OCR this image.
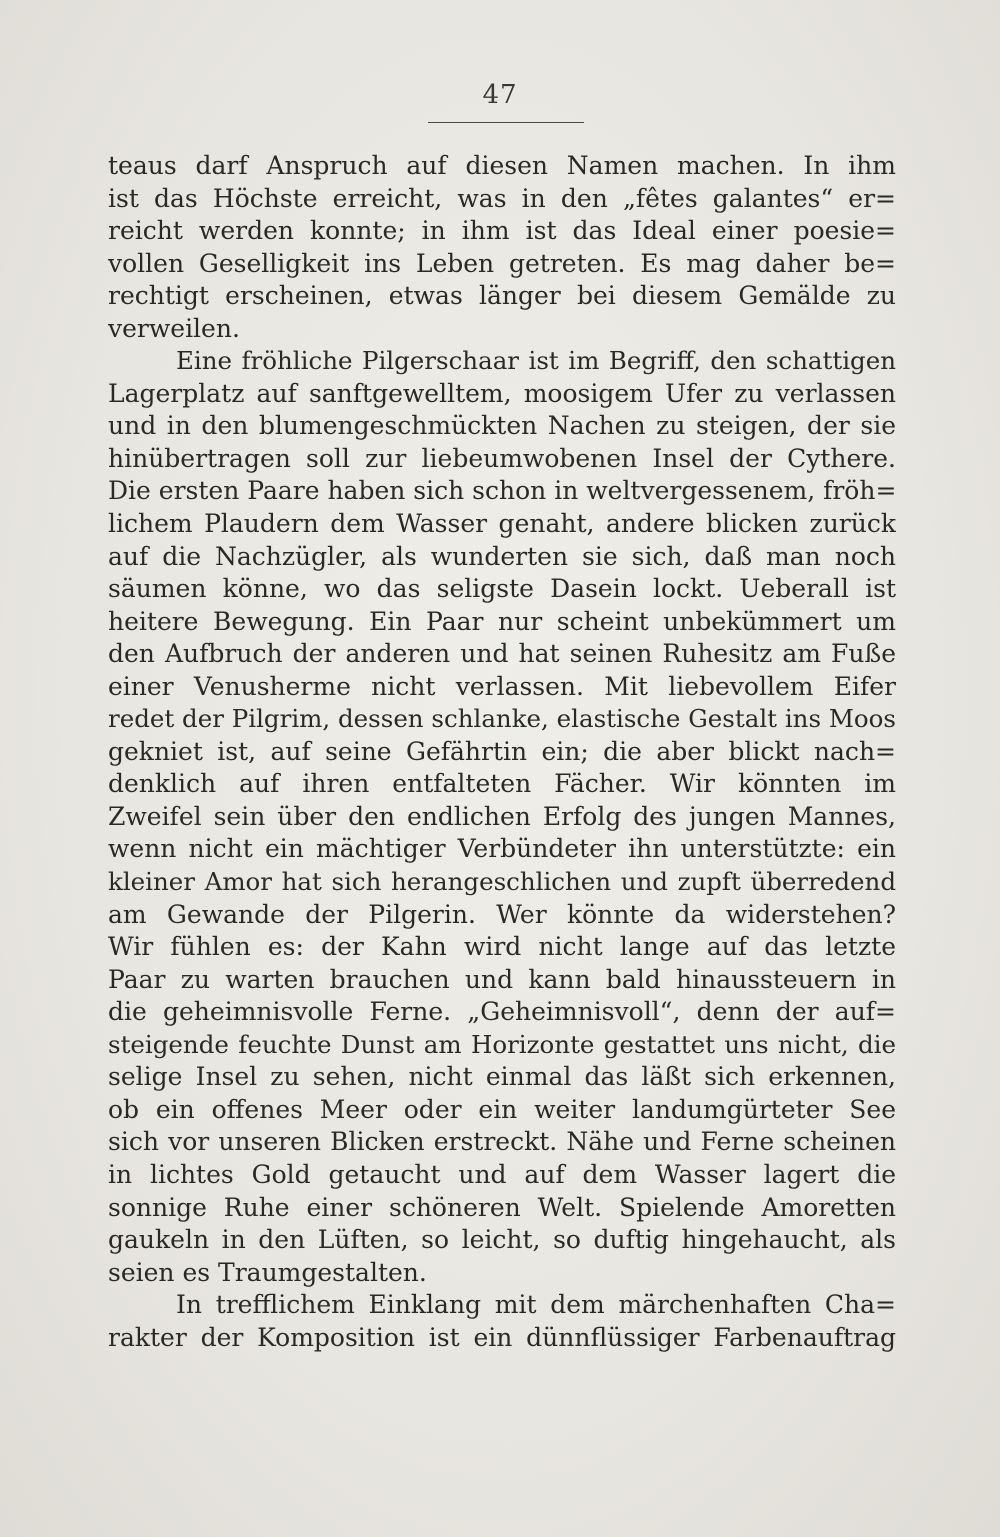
47
teaus darf Anspruch auf diesen Namen machen. In ihm
ist das Höchste erreicht, was in den „fêtes galantes“ er=
reicht werden konnte; in ihm ist das Ideal einer poesie=
vollen Geselligkeit ins Leben getreten. Es mag daher be=
rechtigt erscheinen, etwas länger bei diesem Gemälde zu
verweilen.
Eine fröhliche Pilgerschaar ist im Begriff, den schattigen
Lagerplatz auf sanftgewelltem, moosigem Ufer zu verlassen
und in den blumengeschmückten Nachen zu steigen, der sie
hinübertragen soll zur liebeumwobenen Insel der Cythere.
Die ersten Paare haben sich schon in weltvergessenem, fröh=
lichem Plaudern dem Wasser genaht, andere blicken zurück
auf die Nachzügler, als wunderten sie sich, daß man noch
säumen könne, wo das seligste Dasein lockt. Ueberall ist
heitere Bewegung. Ein Paar nur scheint unbekümmert um
den Aufbruch der anderen und hat seinen Ruhesitz am Fuße
einer Venusherme nicht verlassen. Mit liebevollem Eifer
redet der Pilgrim, dessen schlanke, elastische Gestalt ins Moos
gekniet ist, auf seine Gefährtin ein; die aber blickt nach=
denklich auf ihren entfalteten Fächer. Wir könnten im
Zweifel sein über den endlichen Erfolg des jungen Mannes,
wenn nicht ein mächtiger Verbündeter ihn unterstützte: ein
kleiner Amor hat sich herangeschlichen und zupft überredend
am Gewande der Pilgerin. Wer könnte da widerstehen?
Wir fühlen es: der Kahn wird nicht lange auf das letzte
Paar zu warten brauchen und kann bald hinaussteuern in
die geheimnisvolle Ferne. „Geheimnisvoll“, denn der auf=
steigende feuchte Dunst am Horizonte gestattet uns nicht, die
selige Insel zu sehen, nicht einmal das läßt sich erkennen,
ob ein offenes Meer oder ein weiter landumgürteter See
sich vor unseren Blicken erstreckt. Nähe und Ferne scheinen
in lichtes Gold getaucht und auf dem Wasser lagert die
sonnige Ruhe einer schöneren Welt. Spielende Amoretten
gaukeln in den Lüften, so leicht, so duftig hingehaucht, als
seien es Traumgestalten.
In trefflichem Einklang mit dem märchenhaften Cha=
rakter der Komposition ist ein dünnflüssiger Farbenauftrag
